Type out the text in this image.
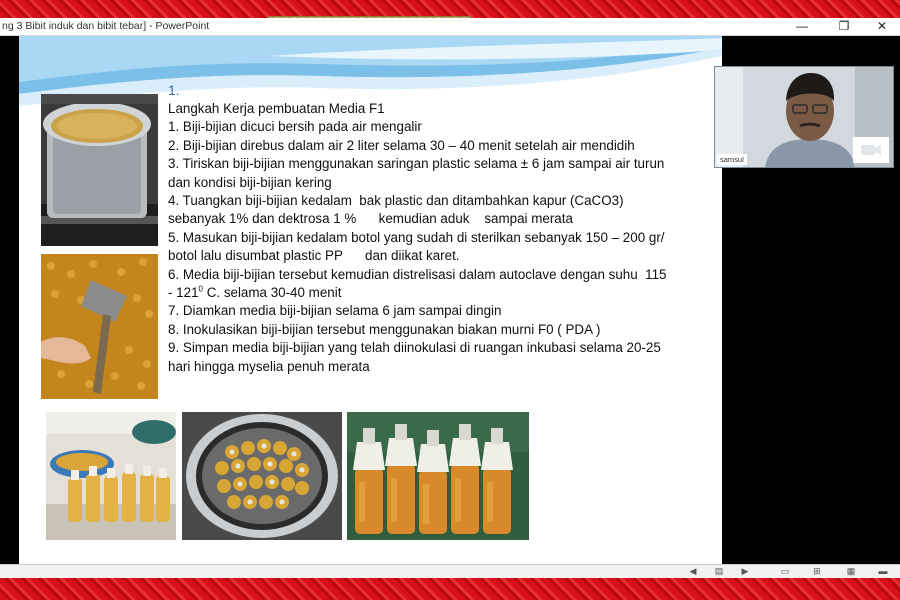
ng 3 Bibit induk dan bibit tebar] - PowerPoint	—	❐	✕
1.
Langkah Kerja pembuatan Media F1
1. Biji-bijian dicuci bersih pada air mengalir
2. Biji-bijian direbus dalam air 2 liter selama 30 – 40 menit setelah air mendidih
3. Tiriskan biji-bijian menggunakan saringan plastic selama ± 6 jam sampai air turun
dan kondisi biji-bijian kering
4. Tuangkan biji-bijian kedalam  bak plastic dan ditambahkan kapur (CaCO3)
sebanyak 1% dan dektrosa 1 %      kemudian aduk    sampai merata
5. Masukan biji-bijian kedalam botol yang sudah di sterilkan sebanyak 150 – 200 gr/
botol lalu disumbat plastic PP      dan diikat karet.
6. Media biji-bijian tersebut kemudian distrelisasi dalam autoclave dengan suhu  115
- $121^0$ C. selama 30-40 menit
7. Diamkan media biji-bijian selama 6 jam sampai dingin
8. Inokulasikan biji-bijian tersebut menggunakan biakan murni F0 ( PDA )
9. Simpan media biji-bijian yang telah diinokulasi di ruangan inkubasi selama 20-25
hari hingga myselia penuh merata
samsul
◀ ▤ ▶	▭	⊞	▦	▬
